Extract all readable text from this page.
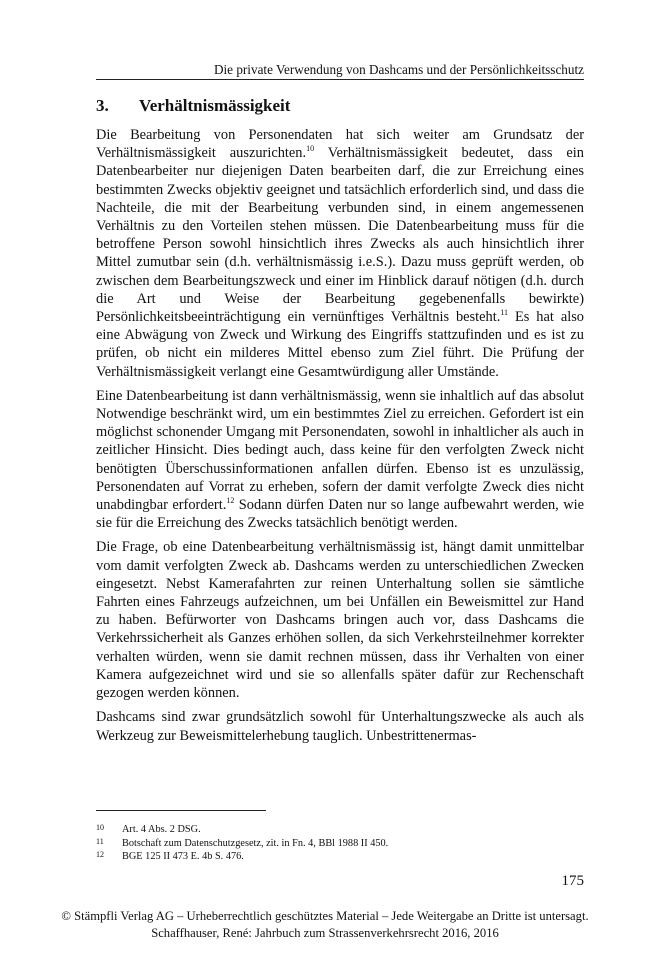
Die private Verwendung von Dashcams und der Persönlichkeitsschutz
3. Verhältnismässigkeit

Die Bearbeitung von Personendaten hat sich weiter am Grundsatz der Verhältnismässigkeit auszurichten.$^{10}$ Verhältnismässigkeit bedeutet, dass ein Datenbearbeiter nur diejenigen Daten bearbeiten darf, die zur Erreichung eines bestimmten Zwecks objektiv geeignet und tatsächlich erforderlich sind, und dass die Nachteile, die mit der Bearbeitung verbunden sind, in einem angemessenen Verhältnis zu den Vorteilen stehen müssen. Die Datenbearbeitung muss für die betroffene Person sowohl hinsichtlich ihres Zwecks als auch hinsichtlich ihrer Mittel zumutbar sein (d.h. verhältnismässig i.e.S.). Dazu muss geprüft werden, ob zwischen dem Bearbeitungszweck und einer im Hinblick darauf nötigen (d.h. durch die Art und Weise der Bearbeitung gegebenenfalls bewirkte) Persönlichkeitsbeeinträchtigung ein vernünftiges Verhältnis besteht.$^{11}$ Es hat also eine Abwägung von Zweck und Wirkung des Eingriffs stattzufinden und es ist zu prüfen, ob nicht ein milderes Mittel ebenso zum Ziel führt. Die Prüfung der Verhältnismässigkeit verlangt eine Gesamtwürdigung aller Umstände.

Eine Datenbearbeitung ist dann verhältnismässig, wenn sie inhaltlich auf das absolut Notwendige beschränkt wird, um ein bestimmtes Ziel zu erreichen. Gefordert ist ein möglichst schonender Umgang mit Personendaten, sowohl in inhaltlicher als auch in zeitlicher Hinsicht. Dies bedingt auch, dass keine für den verfolgten Zweck nicht benötigten Überschussinformationen anfallen dürfen. Ebenso ist es unzulässig, Personendaten auf Vorrat zu erheben, sofern der damit verfolgte Zweck dies nicht unabdingbar erfordert.$^{12}$ Sodann dürfen Daten nur so lange aufbewahrt werden, wie sie für die Erreichung des Zwecks tatsächlich benötigt werden.

Die Frage, ob eine Datenbearbeitung verhältnismässig ist, hängt damit unmittelbar vom damit verfolgten Zweck ab. Dashcams werden zu unterschiedlichen Zwecken eingesetzt. Nebst Kamerafahrten zur reinen Unterhaltung sollen sie sämtliche Fahrten eines Fahrzeugs aufzeichnen, um bei Unfällen ein Beweismittel zur Hand zu haben. Befürworter von Dashcams bringen auch vor, dass Dashcams die Verkehrssicherheit als Ganzes erhöhen sollen, da sich Verkehrsteilnehmer korrekter verhalten würden, wenn sie damit rechnen müssen, dass ihr Verhalten von einer Kamera aufgezeichnet wird und sie so allenfalls später dafür zur Rechenschaft gezogen werden können.

Dashcams sind zwar grundsätzlich sowohl für Unterhaltungszwecke als auch als Werkzeug zur Beweismittelerhebung tauglich. Unbestrittenermas-

10	Art. 4 Abs. 2 DSG.
11	Botschaft zum Datenschutzgesetz, zit. in Fn. 4, BBl 1988 II 450.
12	BGE 125 II 473 E. 4b S. 476.
175
© Stämpfli Verlag AG – Urheberrechtlich geschütztes Material – Jede Weitergabe an Dritte ist untersagt.
Schaffhauser, René: Jahrbuch zum Strassenverkehrsrecht 2016, 2016
